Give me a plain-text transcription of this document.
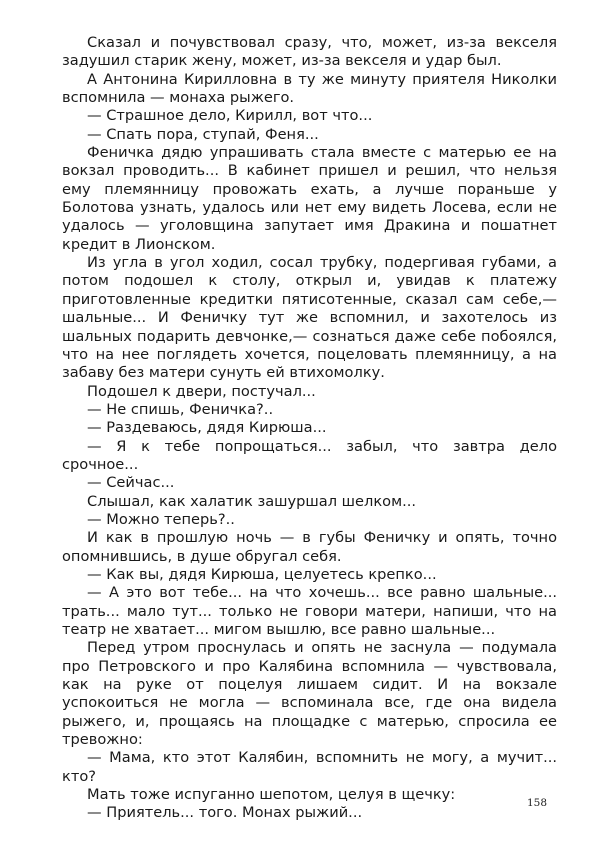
Сказал и почувствовал сразу, что, может, из-за векселя задушил старик жену, может, из-за векселя и удар был.

А Антонина Кирилловна в ту же минуту приятеля Николки вспомнила — монаха рыжего.

— Страшное дело, Кирилл, вот что...

— Спать пора, ступай, Феня...

Феничка дядю упрашивать стала вместе с матерью ее на вокзал проводить... В кабинет пришел и решил, что нельзя ему племянницу провожать ехать, а лучше пораньше у Болотова узнать, удалось или нет ему видеть Лосева, если не удалось — уголовщина запутает имя Дракина и пошатнет кредит в Лионском.

Из угла в угол ходил, сосал трубку, подергивая губами, а потом подошел к столу, открыл и, увидав к платежу приготовленные кредитки пятисотенные, сказал сам себе,— шальные... И Феничку тут же вспомнил, и захотелось из шальных подарить девчонке,— сознаться даже себе побоялся, что на нее поглядеть хочется, поцеловать племянницу, а на забаву без матери сунуть ей втихомолку.

Подошел к двери, постучал...

— Не спишь, Феничка?..

— Раздеваюсь, дядя Кирюша...

— Я к тебе попрощаться... забыл, что завтра дело срочное...

— Сейчас...

Слышал, как халатик зашуршал шелком...

— Можно теперь?..

И как в прошлую ночь — в губы Феничку и опять, точно опомнившись, в душе обругал себя.

— Как вы, дядя Кирюша, целуетесь крепко...

— А это вот тебе... на что хочешь... все равно шальные... трать... мало тут... только не говори матери, напиши, что на театр не хватает... мигом вышлю, все равно шальные...

Перед утром проснулась и опять не заснула — подумала про Петровского и про Калябина вспомнила — чувствовала, как на руке от поцелуя лишаем сидит. И на вокзале успокоиться не могла — вспоминала все, где она видела рыжего, и, прощаясь на площадке с матерью, спросила ее тревожно:

— Мама, кто этот Калябин, вспомнить не могу, а мучит... кто?

Мать тоже испуганно шепотом, целуя в щечку:

— Приятель... того. Монах рыжий...

158
